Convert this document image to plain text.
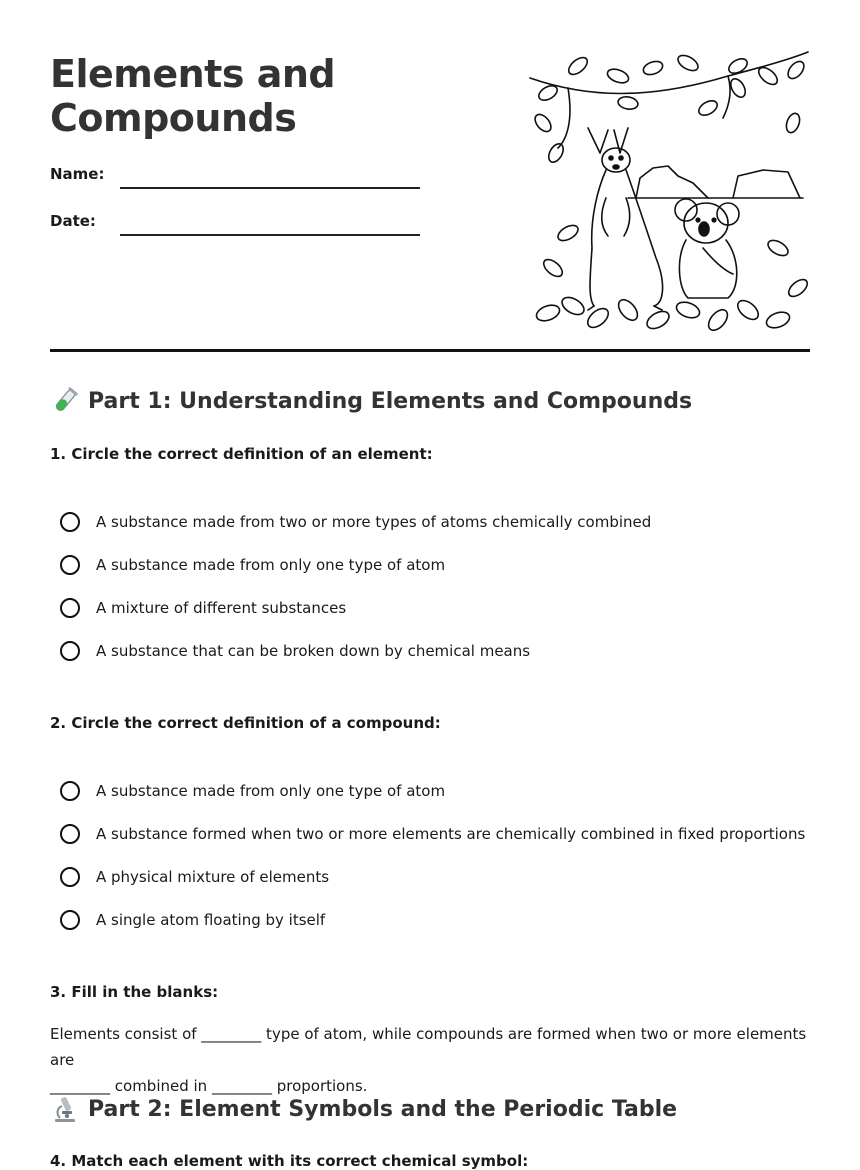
Elements and
Compounds
Name:
Date:
Part 1: Understanding Elements and Compounds

1. Circle the correct definition of an element:

A substance made from two or more types of atoms chemically combined
A substance made from only one type of atom
A mixture of different substances
A substance that can be broken down by chemical means

2. Circle the correct definition of a compound:

A substance made from only one type of atom
A substance formed when two or more elements are chemically combined in fixed proportions
A physical mixture of elements
A single atom floating by itself

3. Fill in the blanks:

Elements consist of ________ type of atom, while compounds are formed when two or more elements are
________ combined in ________ proportions.

Part 2: Element Symbols and the Periodic Table

4. Match each element with its correct chemical symbol:
